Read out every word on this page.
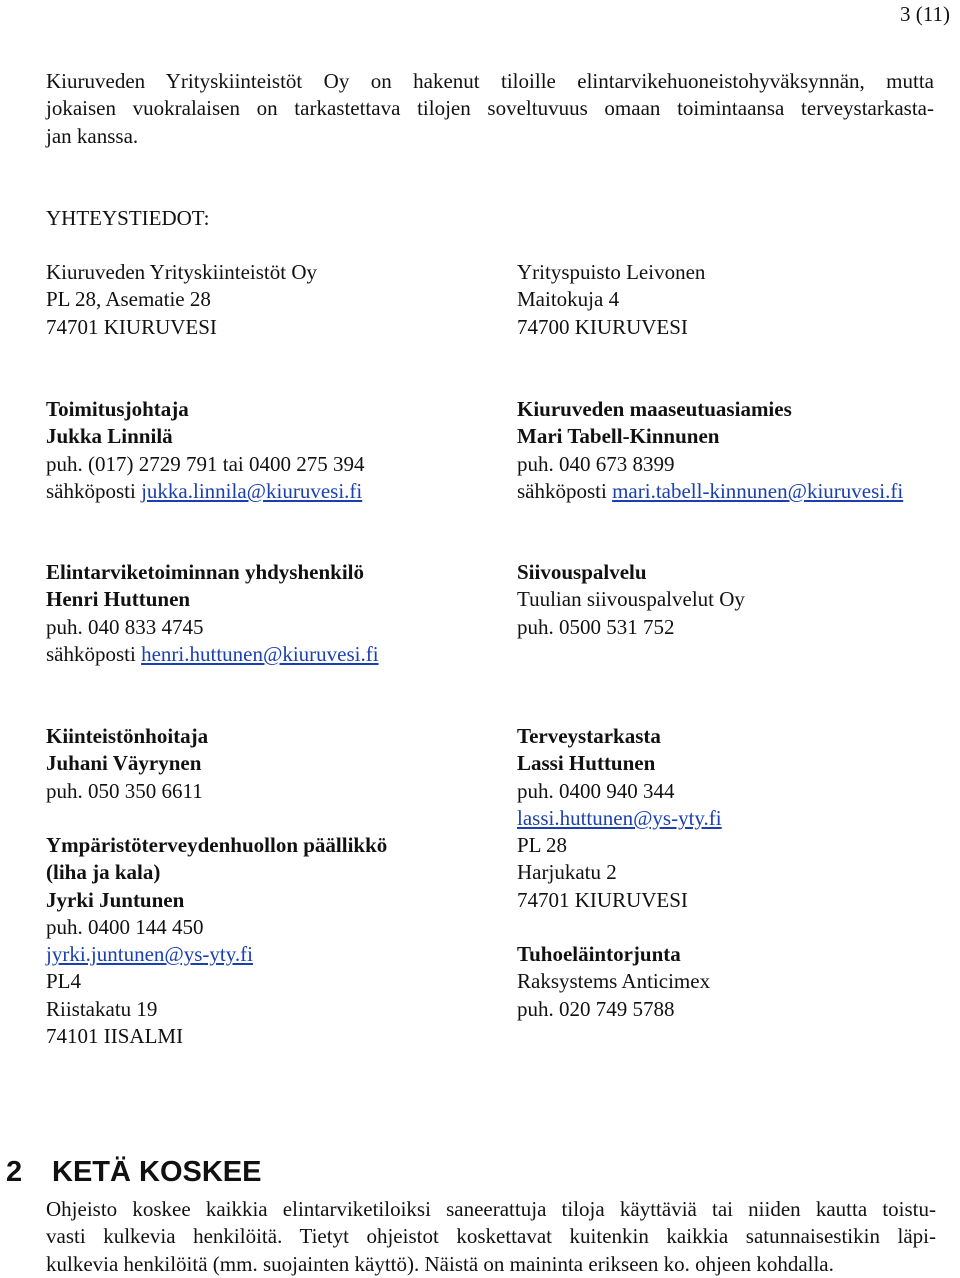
3 (11)
Kiuruveden Yrityskiinteistöt Oy on hakenut tiloille elintarvikehuoneistohyväksynnän, mutta
jokaisen vuokralaisen on tarkastettava tilojen soveltuvuus omaan toimintaansa terveystarkasta-
jan kanssa.
YHTEYSTIEDOT:
Kiuruveden Yrityskiinteistöt Oy
PL 28, Asematie 28
74701 KIURUVESI
Yrityspuisto Leivonen
Maitokuja 4
74700 KIURUVESI
Toimitusjohtaja
Jukka Linnilä
puh. (017) 2729 791 tai 0400 275 394
sähköposti jukka.linnila@kiuruvesi.fi
Kiuruveden maaseutuasiamies
Mari Tabell-Kinnunen
puh. 040 673 8399
sähköposti mari.tabell-kinnunen@kiuruvesi.fi
Elintarviketoiminnan yhdyshenkilö
Henri Huttunen
puh. 040 833 4745
sähköposti henri.huttunen@kiuruvesi.fi
Siivouspalvelu
Tuulian siivouspalvelut Oy
puh. 0500 531 752
Kiinteistönhoitaja
Juhani Väyrynen
puh. 050 350 6611
Ympäristöterveydenhuollon päällikkö
(liha ja kala)
Jyrki Juntunen
puh. 0400 144 450
jyrki.juntunen@ys-yty.fi
PL4
Riistakatu 19
74101 IISALMI
Terveystarkasta
Lassi Huttunen
puh. 0400 940 344
lassi.huttunen@ys-yty.fi
PL 28
Harjukatu 2
74701 KIURUVESI
Tuhoeläintorjunta
Raksystems Anticimex
puh. 020 749 5788
2 KETÄ KOSKEE
Ohjeisto koskee kaikkia elintarviketiloiksi saneerattuja tiloja käyttäviä tai niiden kautta toistu-
vasti kulkevia henkilöitä. Tietyt ohjeistot koskettavat kuitenkin kaikkia satunnaisestikin läpi-
kulkevia henkilöitä (mm. suojainten käyttö). Näistä on maininta erikseen ko. ohjeen kohdalla.
